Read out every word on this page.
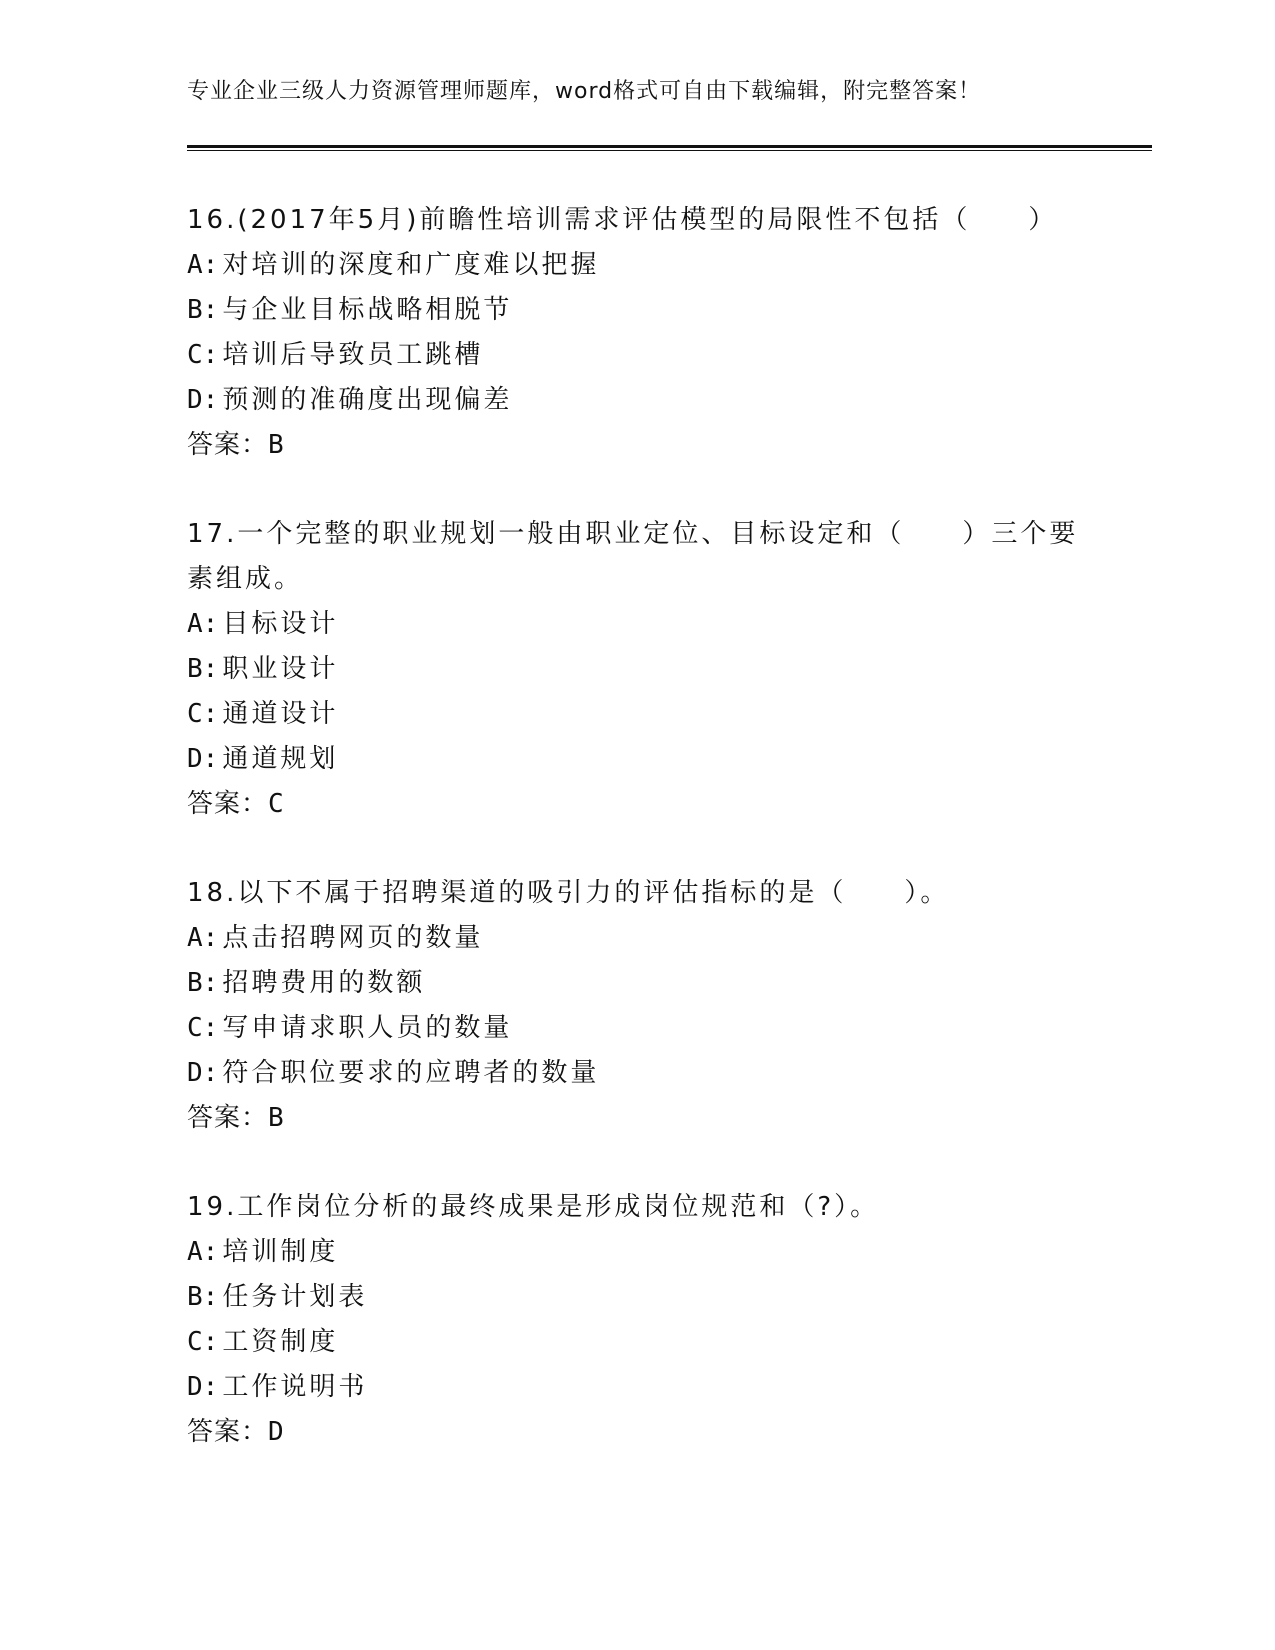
专业企业三级人力资源管理师题库，word格式可自由下载编辑，附完整答案！
16.(2017年5月)前瞻性培训需求评估模型的局限性不包括（　　）
A: 对培训的深度和广度难以把握
B: 与企业目标战略相脱节
C: 培训后导致员工跳槽
D: 预测的准确度出现偏差
答案：B
17.一个完整的职业规划一般由职业定位、目标设定和（　　）三个要素组成。
A: 目标设计
B: 职业设计
C: 通道设计
D: 通道规划
答案：C
18.以下不属于招聘渠道的吸引力的评估指标的是（　　）。
A: 点击招聘网页的数量
B: 招聘费用的数额
C: 写申请求职人员的数量
D: 符合职位要求的应聘者的数量
答案：B
19.工作岗位分析的最终成果是形成岗位规范和（?）。
A: 培训制度
B: 任务计划表
C: 工资制度
D: 工作说明书
答案：D
